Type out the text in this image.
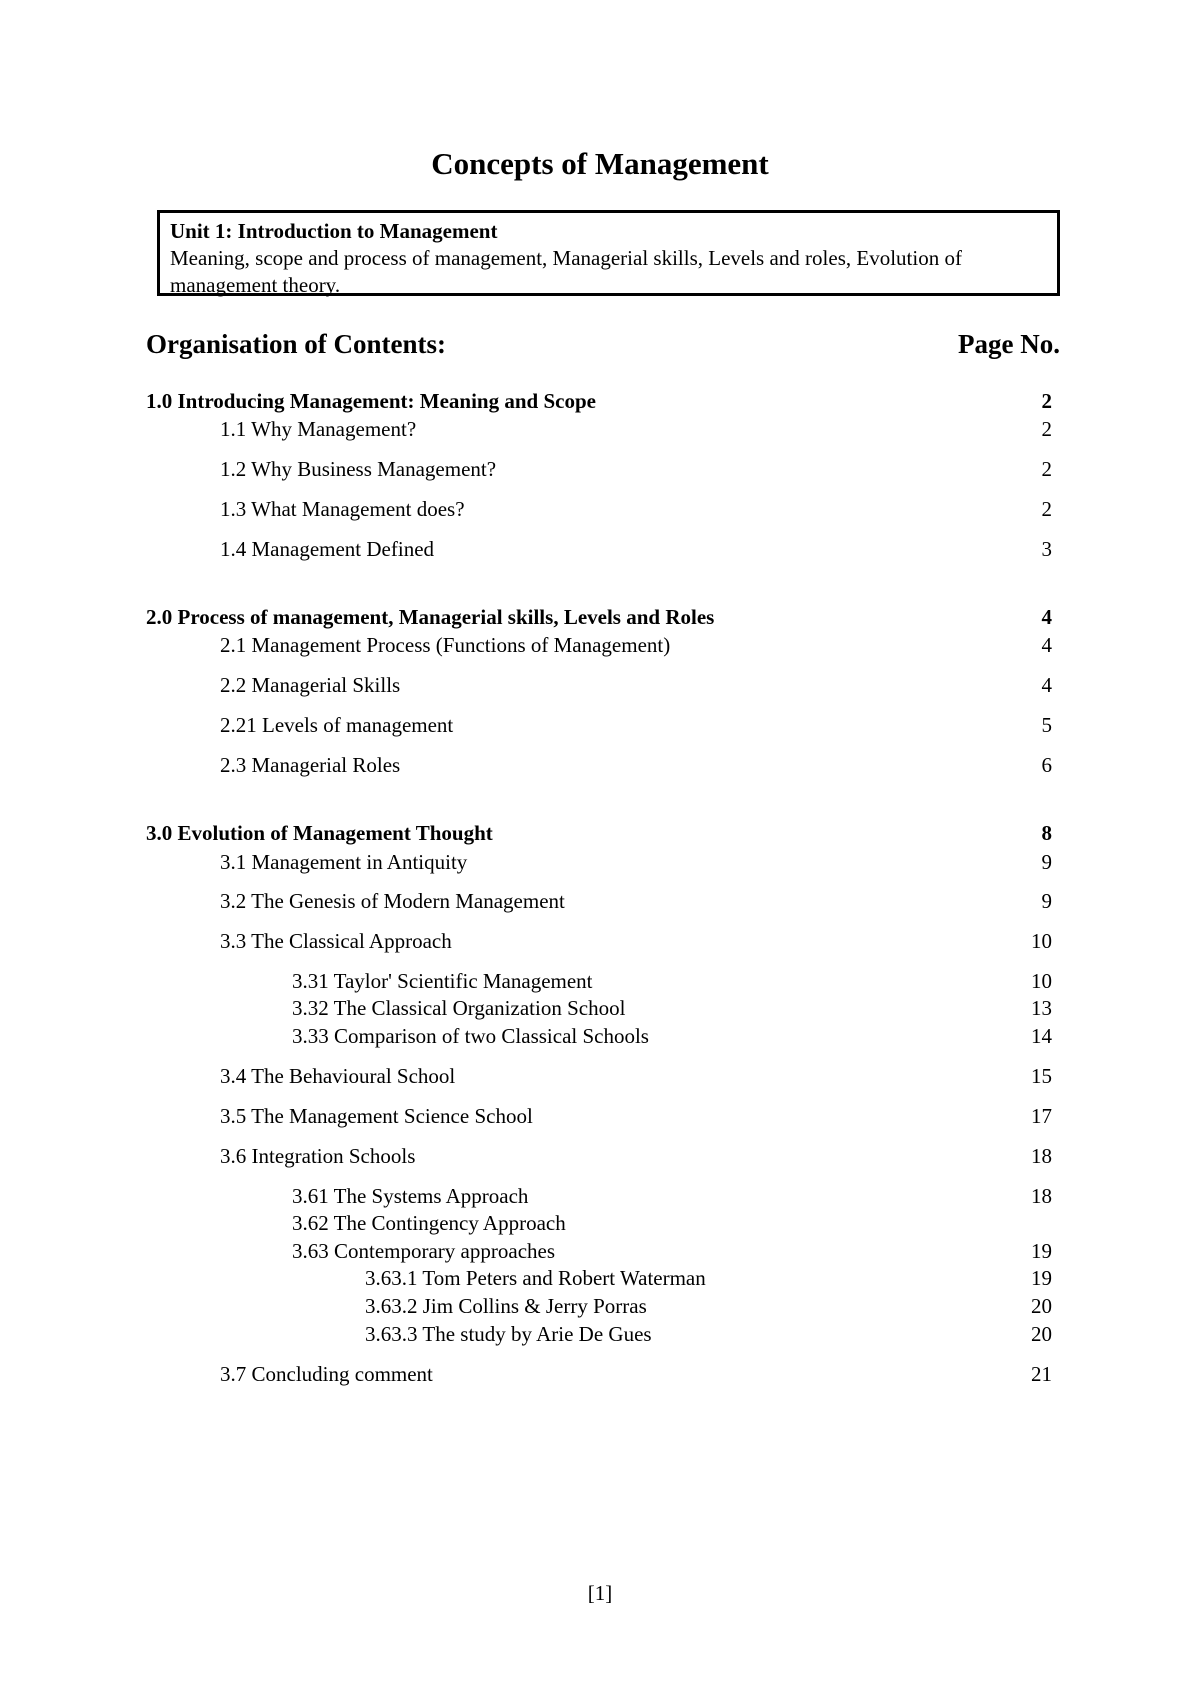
Concepts of Management
Unit 1: Introduction to Management
Meaning, scope and process of management, Managerial skills, Levels and roles, Evolution of management theory.
Organisation of Contents:	Page No.
1.0 Introducing Management: Meaning and Scope	2
1.1 Why Management?	2
1.2 Why Business Management?	2
1.3 What Management does?	2
1.4 Management Defined	3
2.0 Process of management, Managerial skills, Levels and Roles	4
2.1 Management Process (Functions of Management)	4
2.2 Managerial Skills	4
2.21 Levels of management	5
2.3 Managerial Roles	6
3.0 Evolution of Management Thought	8
3.1 Management in Antiquity	9
3.2 The Genesis of Modern Management	9
3.3 The Classical Approach	10
3.31 Taylor' Scientific Management	10
3.32 The Classical Organization School	13
3.33 Comparison of two Classical Schools	14
3.4 The Behavioural School	15
3.5 The Management Science School	17
3.6 Integration Schools	18
3.61 The Systems Approach	18
3.62 The Contingency Approach
3.63 Contemporary approaches	19
3.63.1 Tom Peters and Robert Waterman	19
3.63.2 Jim Collins & Jerry Porras	20
3.63.3 The study by Arie De Gues	20
3.7 Concluding comment	21
[1]
